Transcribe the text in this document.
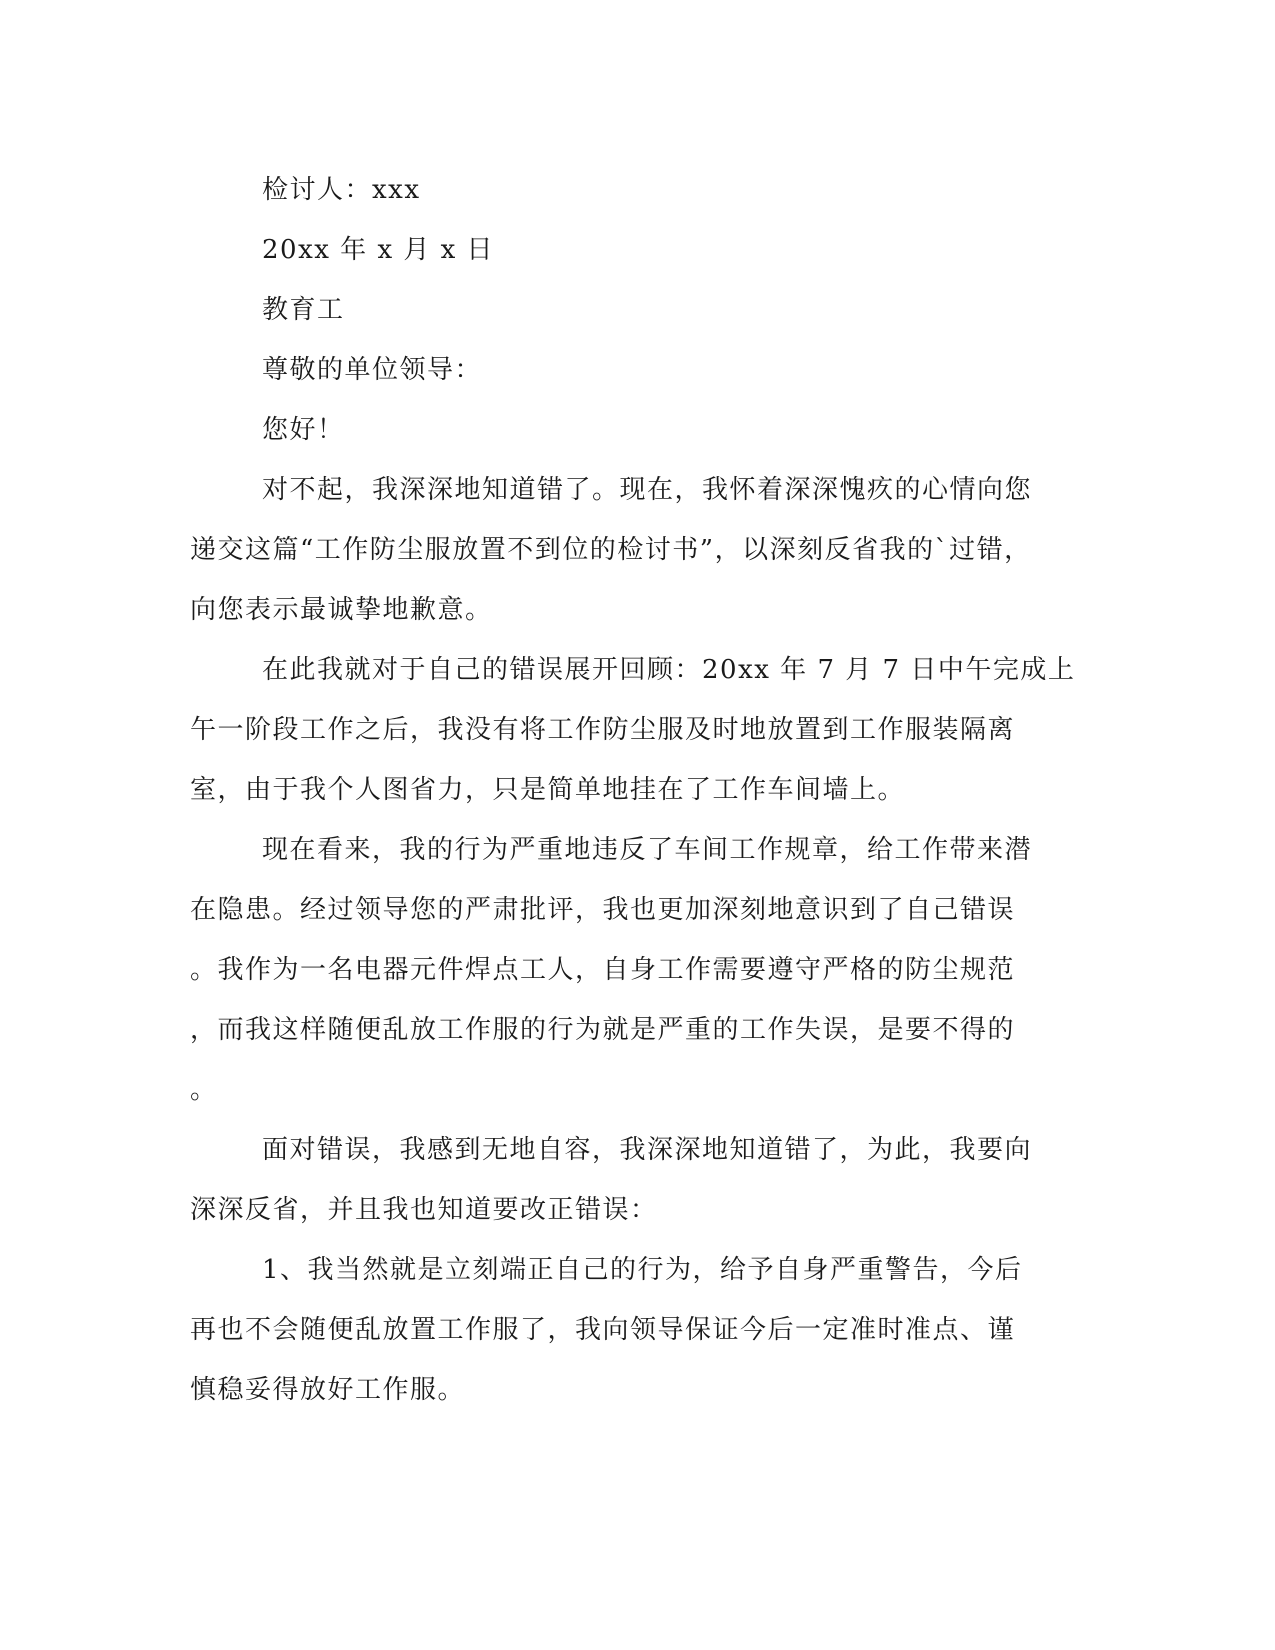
检讨人：xxx
20xx 年 x 月 x 日
教育工
尊敬的单位领导：
您好！
对不起，我深深地知道错了。现在，我怀着深深愧疚的心情向您
递交这篇“工作防尘服放置不到位的检讨书”，以深刻反省我的`过错，
向您表示最诚挚地歉意。
在此我就对于自己的错误展开回顾：20xx 年 7 月 7 日中午完成上
午一阶段工作之后，我没有将工作防尘服及时地放置到工作服装隔离
室，由于我个人图省力，只是简单地挂在了工作车间墙上。
现在看来，我的行为严重地违反了车间工作规章，给工作带来潜
在隐患。经过领导您的严肃批评，我也更加深刻地意识到了自己错误
。我作为一名电器元件焊点工人，自身工作需要遵守严格的防尘规范
，而我这样随便乱放工作服的行为就是严重的工作失误，是要不得的
。
面对错误，我感到无地自容，我深深地知道错了，为此，我要向
深深反省，并且我也知道要改正错误：
1、我当然就是立刻端正自己的行为，给予自身严重警告，今后
再也不会随便乱放置工作服了，我向领导保证今后一定准时准点、谨
慎稳妥得放好工作服。
